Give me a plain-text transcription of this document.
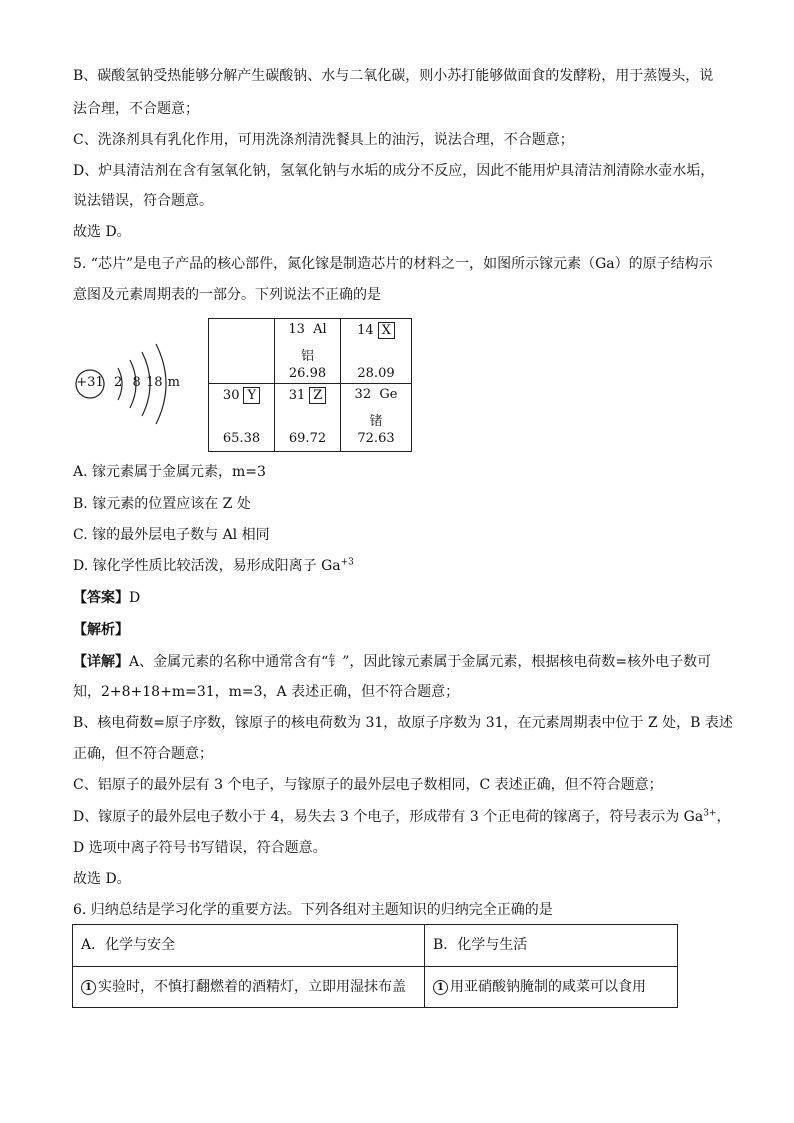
B、碳酸氢钠受热能够分解产生碳酸钠、水与二氧化碳，则小苏打能够做面食的发酵粉，用于蒸馒头，说
法合理，不合题意；
C、洗涤剂具有乳化作用，可用洗涤剂清洗餐具上的油污，说法合理，不合题意；
D、炉具清洁剂在含有氢氧化钠，氢氧化钠与水垢的成分不反应，因此不能用炉具清洁剂清除水壶水垢，
说法错误，符合题意。
故选 D。
5. “芯片”是电子产品的核心部件，氮化镓是制造芯片的材料之一，如图所示镓元素（Ga）的原子结构示
意图及元素周期表的一部分。下列说法不正确的是
+31 2  8 18 m
13 Al
铝
26.98
14 X
28.09
30 Y
65.38
31 Z
69.72
32 Ge
锗
72.63
A. 镓元素属于金属元素，m=3
B. 镓元素的位置应该在 Z 处
C. 镓的最外层电子数与 Al 相同
D. 镓化学性质比较活泼，易形成阳离子 $Ga^{+3}$
【答案】D
【解析】
【详解】A、金属元素的名称中通常含有“钅”，因此镓元素属于金属元素，根据核电荷数=核外电子数可
知，2+8+18+m=31，m=3，A 表述正确，但不符合题意；
B、核电荷数=原子序数，镓原子的核电荷数为 31，故原子序数为 31，在元素周期表中位于 Z 处，B 表述
正确，但不符合题意；
C、铝原子的最外层有 3 个电子，与镓原子的最外层电子数相同，C 表述正确，但不符合题意；
D、镓原子的最外层电子数小于 4，易失去 3 个电子，形成带有 3 个正电荷的镓离子，符号表示为 $Ga^{3+}$，
D 选项中离子符号书写错误，符合题意。
故选 D。
6. 归纳总结是学习化学的重要方法。下列各组对主题知识的归纳完全正确的是
A．化学与安全	B．化学与生活
1 实验时，不慎打翻燃着的酒精灯，立即用湿抹布盖	1 用亚硝酸钠腌制的咸菜可以食用
